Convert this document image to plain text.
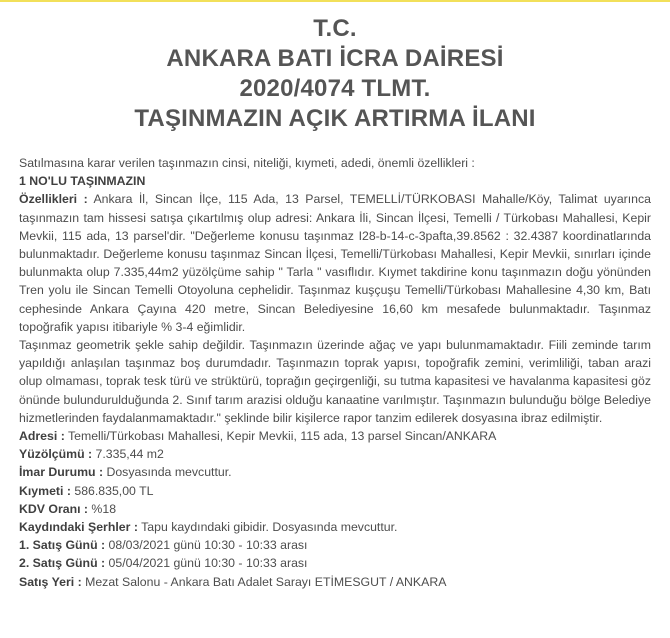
T.C.

ANKARA BATI İCRA DAİRESİ

2020/4074 TLMT.

TAŞINMAZIN AÇIK ARTIRMA İLANI

Satılmasına karar verilen taşınmazın cinsi, niteliği, kıymeti, adedi, önemli özellikleri :

1 NO'LU TAŞINMAZIN

Özellikleri : Ankara İl, Sincan İlçe, 115 Ada, 13 Parsel, TEMELLİ/TÜRKOBASI Mahalle/Köy, Talimat uyarınca taşınmazın tam hissesi satışa çıkartılmış olup adresi: Ankara İli, Sincan İlçesi, Temelli / Türkobası Mahallesi, Kepir Mevkii, 115 ada, 13 parsel'dir. "Değerleme konusu taşınmaz I28-b-14-c-3pafta,39.8562 : 32.4387 koordinatlarında bulunmaktadır. Değerleme konusu taşınmaz Sincan İlçesi, Temelli/Türkobası Mahallesi, Kepir Mevkii, sınırları içinde bulunmakta olup 7.335,44m2 yüzölçüme sahip " Tarla " vasıflıdır. Kıymet takdirine konu taşınmazın doğu yönünden Tren yolu ile Sincan Temelli Otoyoluna cephelidir. Taşınmaz kuşçuşu Temelli/Türkobası Mahallesine 4,30 km, Batı cephesinde Ankara Çayına 420 metre, Sincan Belediyesine 16,60 km mesafede bulunmaktadır. Taşınmaz topoğrafik yapısı itibariyle % 3-4 eğimlidir.

Taşınmaz geometrik şekle sahip değildir. Taşınmazın üzerinde ağaç ve yapı bulunmamaktadır. Fiili zeminde tarım yapıldığı anlaşılan taşınmaz boş durumdadır. Taşınmazın toprak yapısı, topoğrafik zemini, verimliliği, taban arazi olup olmaması, toprak tesk türü ve strüktürü, toprağın geçirgenliği, su tutma kapasitesi ve havalanma kapasitesi göz önünde bulundurulduğunda 2. Sınıf tarım arazisi olduğu kanaatine varılmıştır. Taşınmazın bulunduğu bölge Belediye hizmetlerinden faydalanmamaktadır." şeklinde bilir kişilerce rapor tanzim edilerek dosyasına ibraz edilmiştir.

Adresi : Temelli/Türkobası Mahallesi, Kepir Mevkii, 115 ada, 13 parsel Sincan/ANKARA

Yüzölçümü : 7.335,44 m2

İmar Durumu : Dosyasında mevcuttur.

Kıymeti : 586.835,00 TL

KDV Oranı : %18

Kaydındaki Şerhler : Tapu kaydındaki gibidir. Dosyasında mevcuttur.

1. Satış Günü : 08/03/2021 günü 10:30 - 10:33 arası

2. Satış Günü : 05/04/2021 günü 10:30 - 10:33 arası

Satış Yeri : Mezat Salonu - Ankara Batı Adalet Sarayı ETİMESGUT / ANKARA
